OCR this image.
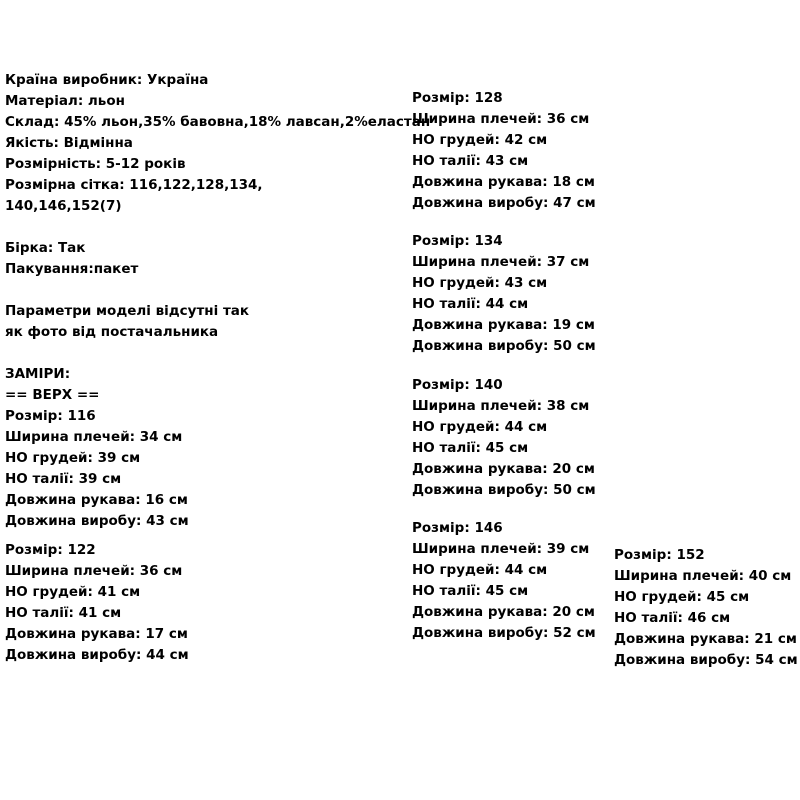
Країна виробник: Україна
Матеріал: льон
Склад: 45% льон,35% бавовна,18% лавсан,2%еластан
Якість: Відмінна
Розмірність: 5-12 років
Розмірна сітка: 116,122,128,134,
140,146,152(7)
Бірка: Так
Пакування:пакет
Параметри моделі відсутні так
як фото від постачальника
ЗАМІРИ:
== ВЕРХ ==
Розмір: 116
Ширина плечей: 34 см
НО грудей: 39 см
НО талії: 39 см
Довжина рукава: 16 см
Довжина виробу: 43 см
Розмір: 122
Ширина плечей: 36 см
НО грудей: 41 см
НО талії: 41 см
Довжина рукава: 17 см
Довжина виробу: 44 см
Розмір: 128
Ширина плечей: 36 см
НО грудей: 42 см
НО талії: 43 см
Довжина рукава: 18 см
Довжина виробу: 47 см
Розмір: 134
Ширина плечей: 37 см
НО грудей: 43 см
НО талії: 44 см
Довжина рукава: 19 см
Довжина виробу: 50 см
Розмір: 140
Ширина плечей: 38 см
НО грудей: 44 см
НО талії: 45 см
Довжина рукава: 20 см
Довжина виробу: 50 см
Розмір: 146
Ширина плечей: 39 см
НО грудей: 44 см
НО талії: 45 см
Довжина рукава: 20 см
Довжина виробу: 52 см
Розмір: 152
Ширина плечей: 40 см
НО грудей: 45 см
НО талії: 46 см
Довжина рукава: 21 см
Довжина виробу: 54 см
